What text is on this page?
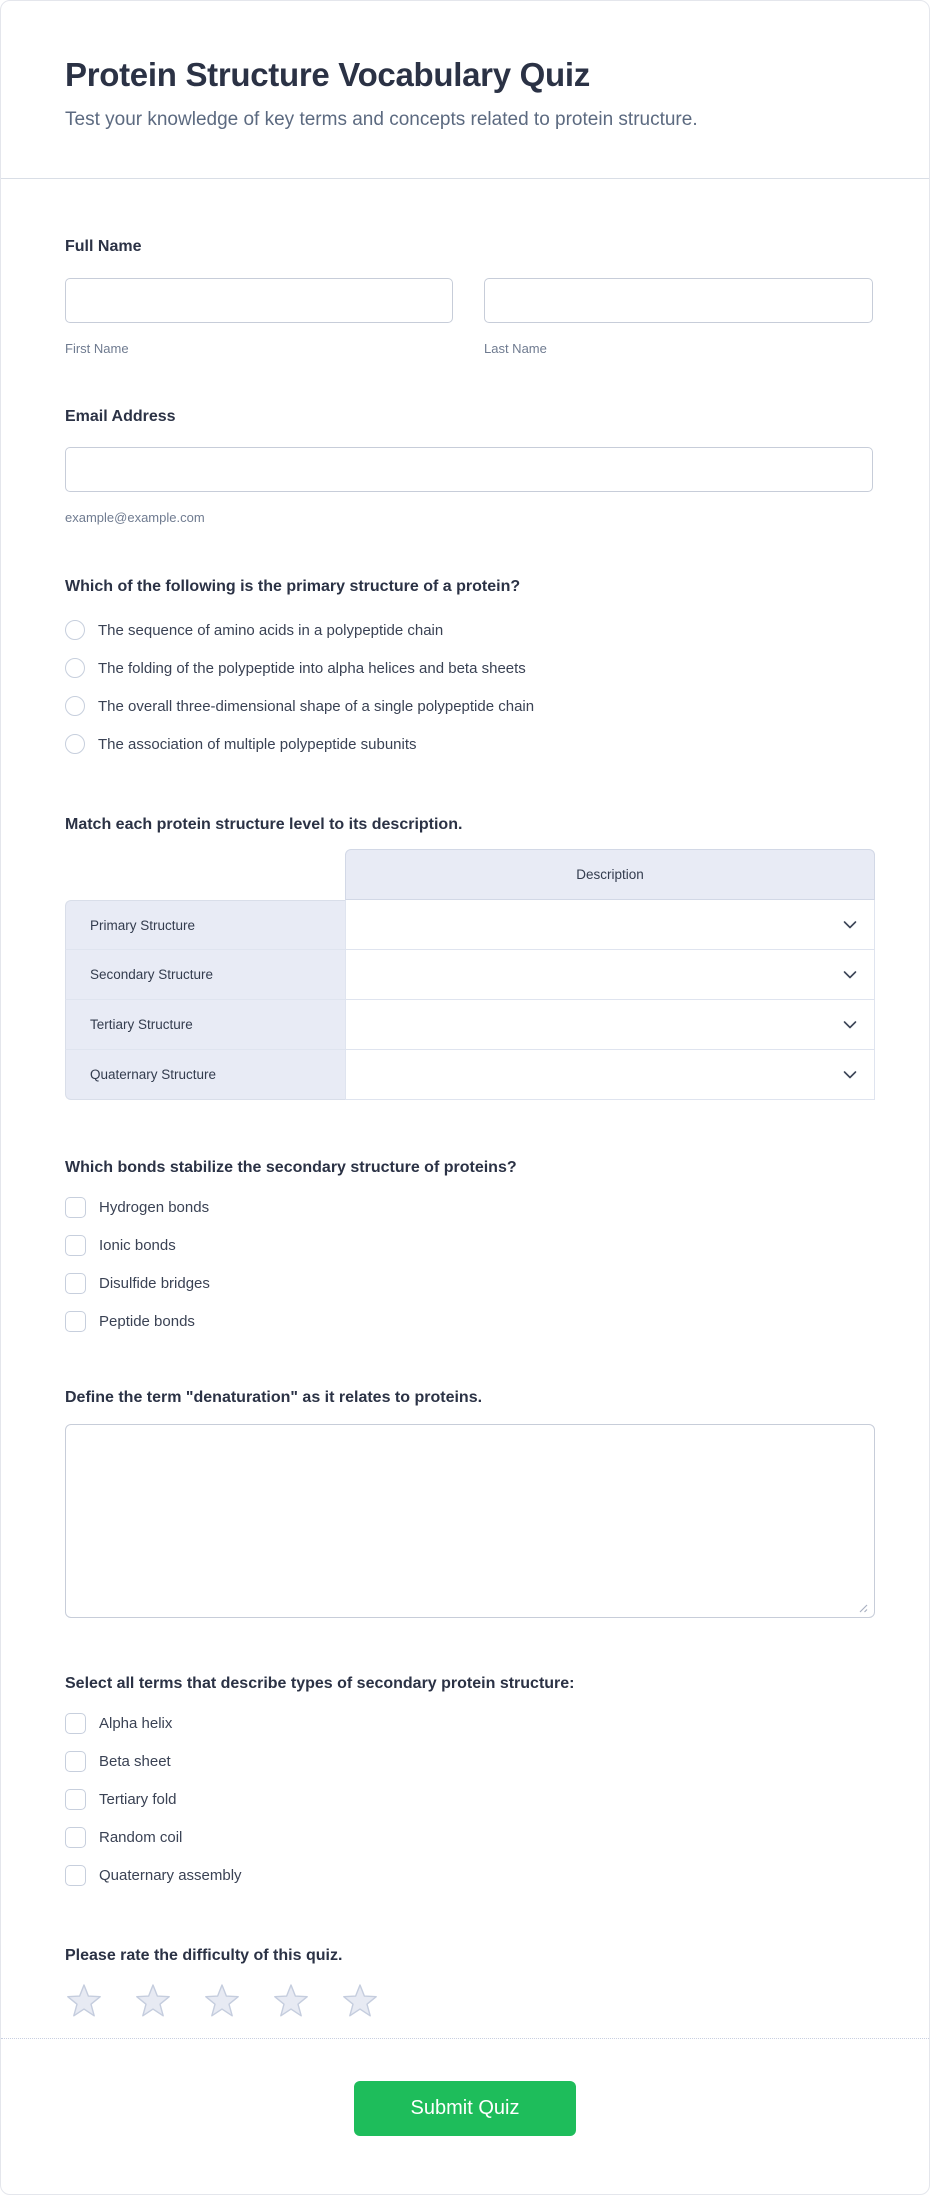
Protein Structure Vocabulary Quiz
Test your knowledge of key terms and concepts related to protein structure.
Full Name
First Name	Last Name
Email Address
example@example.com
Which of the following is the primary structure of a protein?
The sequence of amino acids in a polypeptide chain
The folding of the polypeptide into alpha helices and beta sheets
The overall three-dimensional shape of a single polypeptide chain
The association of multiple polypeptide subunits
Match each protein structure level to its description.
Description
Primary Structure
Secondary Structure
Tertiary Structure
Quaternary Structure
Which bonds stabilize the secondary structure of proteins?
Hydrogen bonds
Ionic bonds
Disulfide bridges
Peptide bonds
Define the term "denaturation" as it relates to proteins.
Select all terms that describe types of secondary protein structure:
Alpha helix
Beta sheet
Tertiary fold
Random coil
Quaternary assembly
Please rate the difficulty of this quiz.
Submit Quiz
